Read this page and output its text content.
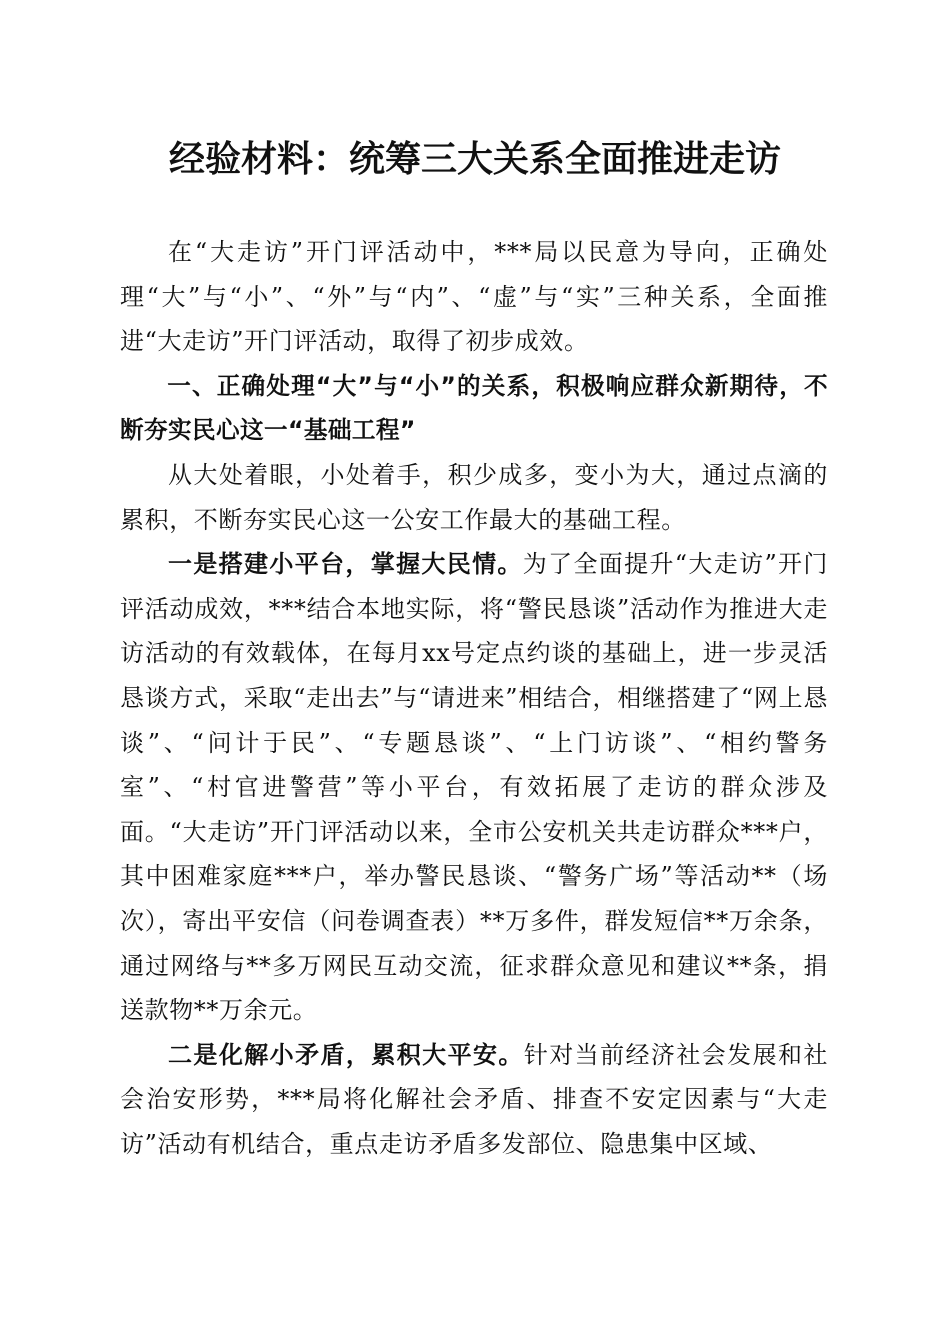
经验材料：统筹三大关系全面推进走访

在“大走访”开门评活动中，***局以民意为导向，正确处理“大”与“小”、“外”与“内”、“虚”与“实”三种关系，全面推进“大走访”开门评活动，取得了初步成效。

一、正确处理“大”与“小”的关系，积极响应群众新期待，不断夯实民心这一“基础工程”

从大处着眼，小处着手，积少成多，变小为大，通过点滴的累积，不断夯实民心这一公安工作最大的基础工程。

一是搭建小平台，掌握大民情。为了全面提升“大走访”开门评活动成效，***结合本地实际，将“警民恳谈”活动作为推进大走访活动的有效载体，在每月xx号定点约谈的基础上，进一步灵活恳谈方式，采取“走出去”与“请进来”相结合，相继搭建了“网上恳谈”、“问计于民”、“专题恳谈”、“上门访谈”、“相约警务室”、“村官进警营”等小平台，有效拓展了走访的群众涉及面。“大走访”开门评活动以来，全市公安机关共走访群众***户，其中困难家庭***户，举办警民恳谈、“警务广场”等活动**（场次），寄出平安信（问卷调查表）**万多件，群发短信**万余条，通过网络与**多万网民互动交流，征求群众意见和建议**条，捐送款物**万余元。

二是化解小矛盾，累积大平安。针对当前经济社会发展和社会治安形势，***局将化解社会矛盾、排查不安定因素与“大走访”活动有机结合，重点走访矛盾多发部位、隐患集中区域、
